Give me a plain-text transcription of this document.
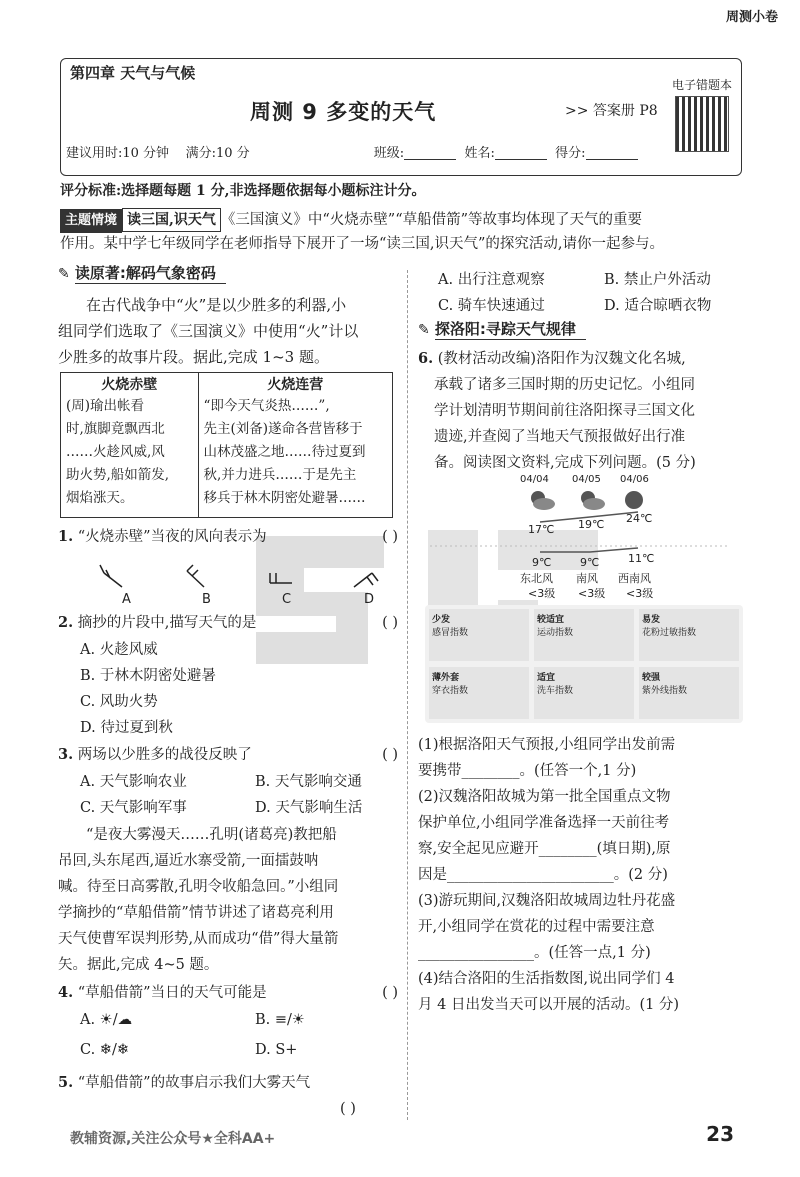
周测小卷
第四章 天气与气候
周测 9 多变的天气	>> 答案册 P8
电子错题本
建议用时:10 分钟 满分:10 分	班级:	姓名:	得分:
评分标准:选择题每题 1 分,非选择题依据每小题标注计分。
主题情境 读三国,识天气 《三国演义》中“火烧赤壁”“草船借箭”等故事均体现了天气的重要
作用。某中学七年级同学在老师指导下展开了一场“读三国,识天气”的探究活动,请你一起参与。
✎ 读原著:解码气象密码
在古代战争中“火”是以少胜多的利器,小
组同学们选取了《三国演义》中使用“火”计以
少胜多的故事片段。据此,完成 1~3 题。
火烧赤壁
(周)瑜出帐看
时,旗脚竟飘西北
……火趁风威,风
助火势,船如箭发,
烟焰涨天。
火烧连营
“即今天气炎热……”,
先主(刘备)遂命各营皆移于
山林茂盛之地……待过夏到
秋,并力进兵……于是先主
移兵于林木阴密处避暑……
1. “火烧赤壁”当夜的风向表示为	( )
A	B	C	D
2. 摘抄的片段中,描写天气的是	( )
A. 火趁风威
B. 于林木阴密处避暑
C. 风助火势
D. 待过夏到秋
3. 两场以少胜多的战役反映了	( )
A. 天气影响农业	B. 天气影响交通
C. 天气影响军事	D. 天气影响生活
“是夜大雾漫天……孔明(诸葛亮)教把船
吊回,头东尾西,逼近水寨受箭,一面擂鼓呐
喊。待至日高雾散,孔明令收船急回。”小组同
学摘抄的“草船借箭”情节讲述了诸葛亮利用
天气使曹军误判形势,从而成功“借”得大量箭
矢。据此,完成 4~5 题。
4. “草船借箭”当日的天气可能是	( )
A. ☀/☁	B. ≡/☀
C. ❄/❄	D. S+
5. “草船借箭”的故事启示我们大雾天气
( )
A. 出行注意观察	B. 禁止户外活动
C. 骑车快速通过	D. 适合晾晒衣物
✎ 探洛阳:寻踪天气规律
6. (教材活动改编)洛阳作为汉魏文化名城,
承载了诸多三国时期的历史记忆。小组同
学计划清明节期间前往洛阳探寻三国文化
遗迹,并查阅了当地天气预报做好出行准
备。阅读图文资料,完成下列问题。(5 分)
04/04 04/05 04/06
17℃ 19℃ 24℃
9℃	9℃	11℃
东北风 南风 西南风
<3级 <3级 <3级
少发
感冒指数
较适宜
运动指数
易发
花粉过敏指数
薄外套
穿衣指数
适宜
洗车指数
较强
紫外线指数
(1)根据洛阳天气预报,小组同学出发前需
要携带________。(任答一个,1 分)
(2)汉魏洛阳故城为第一批全国重点文物
保护单位,小组同学准备选择一天前往考
察,安全起见应避开________(填日期),原
因是_______________________。(2 分)
(3)游玩期间,汉魏洛阳故城周边牡丹花盛
开,小组同学在赏花的过程中需要注意
________________。(任答一点,1 分)
(4)结合洛阳的生活指数图,说出同学们 4
月 4 日出发当天可以开展的活动。(1 分)
教辅资源,关注公众号★全科AA+	23
